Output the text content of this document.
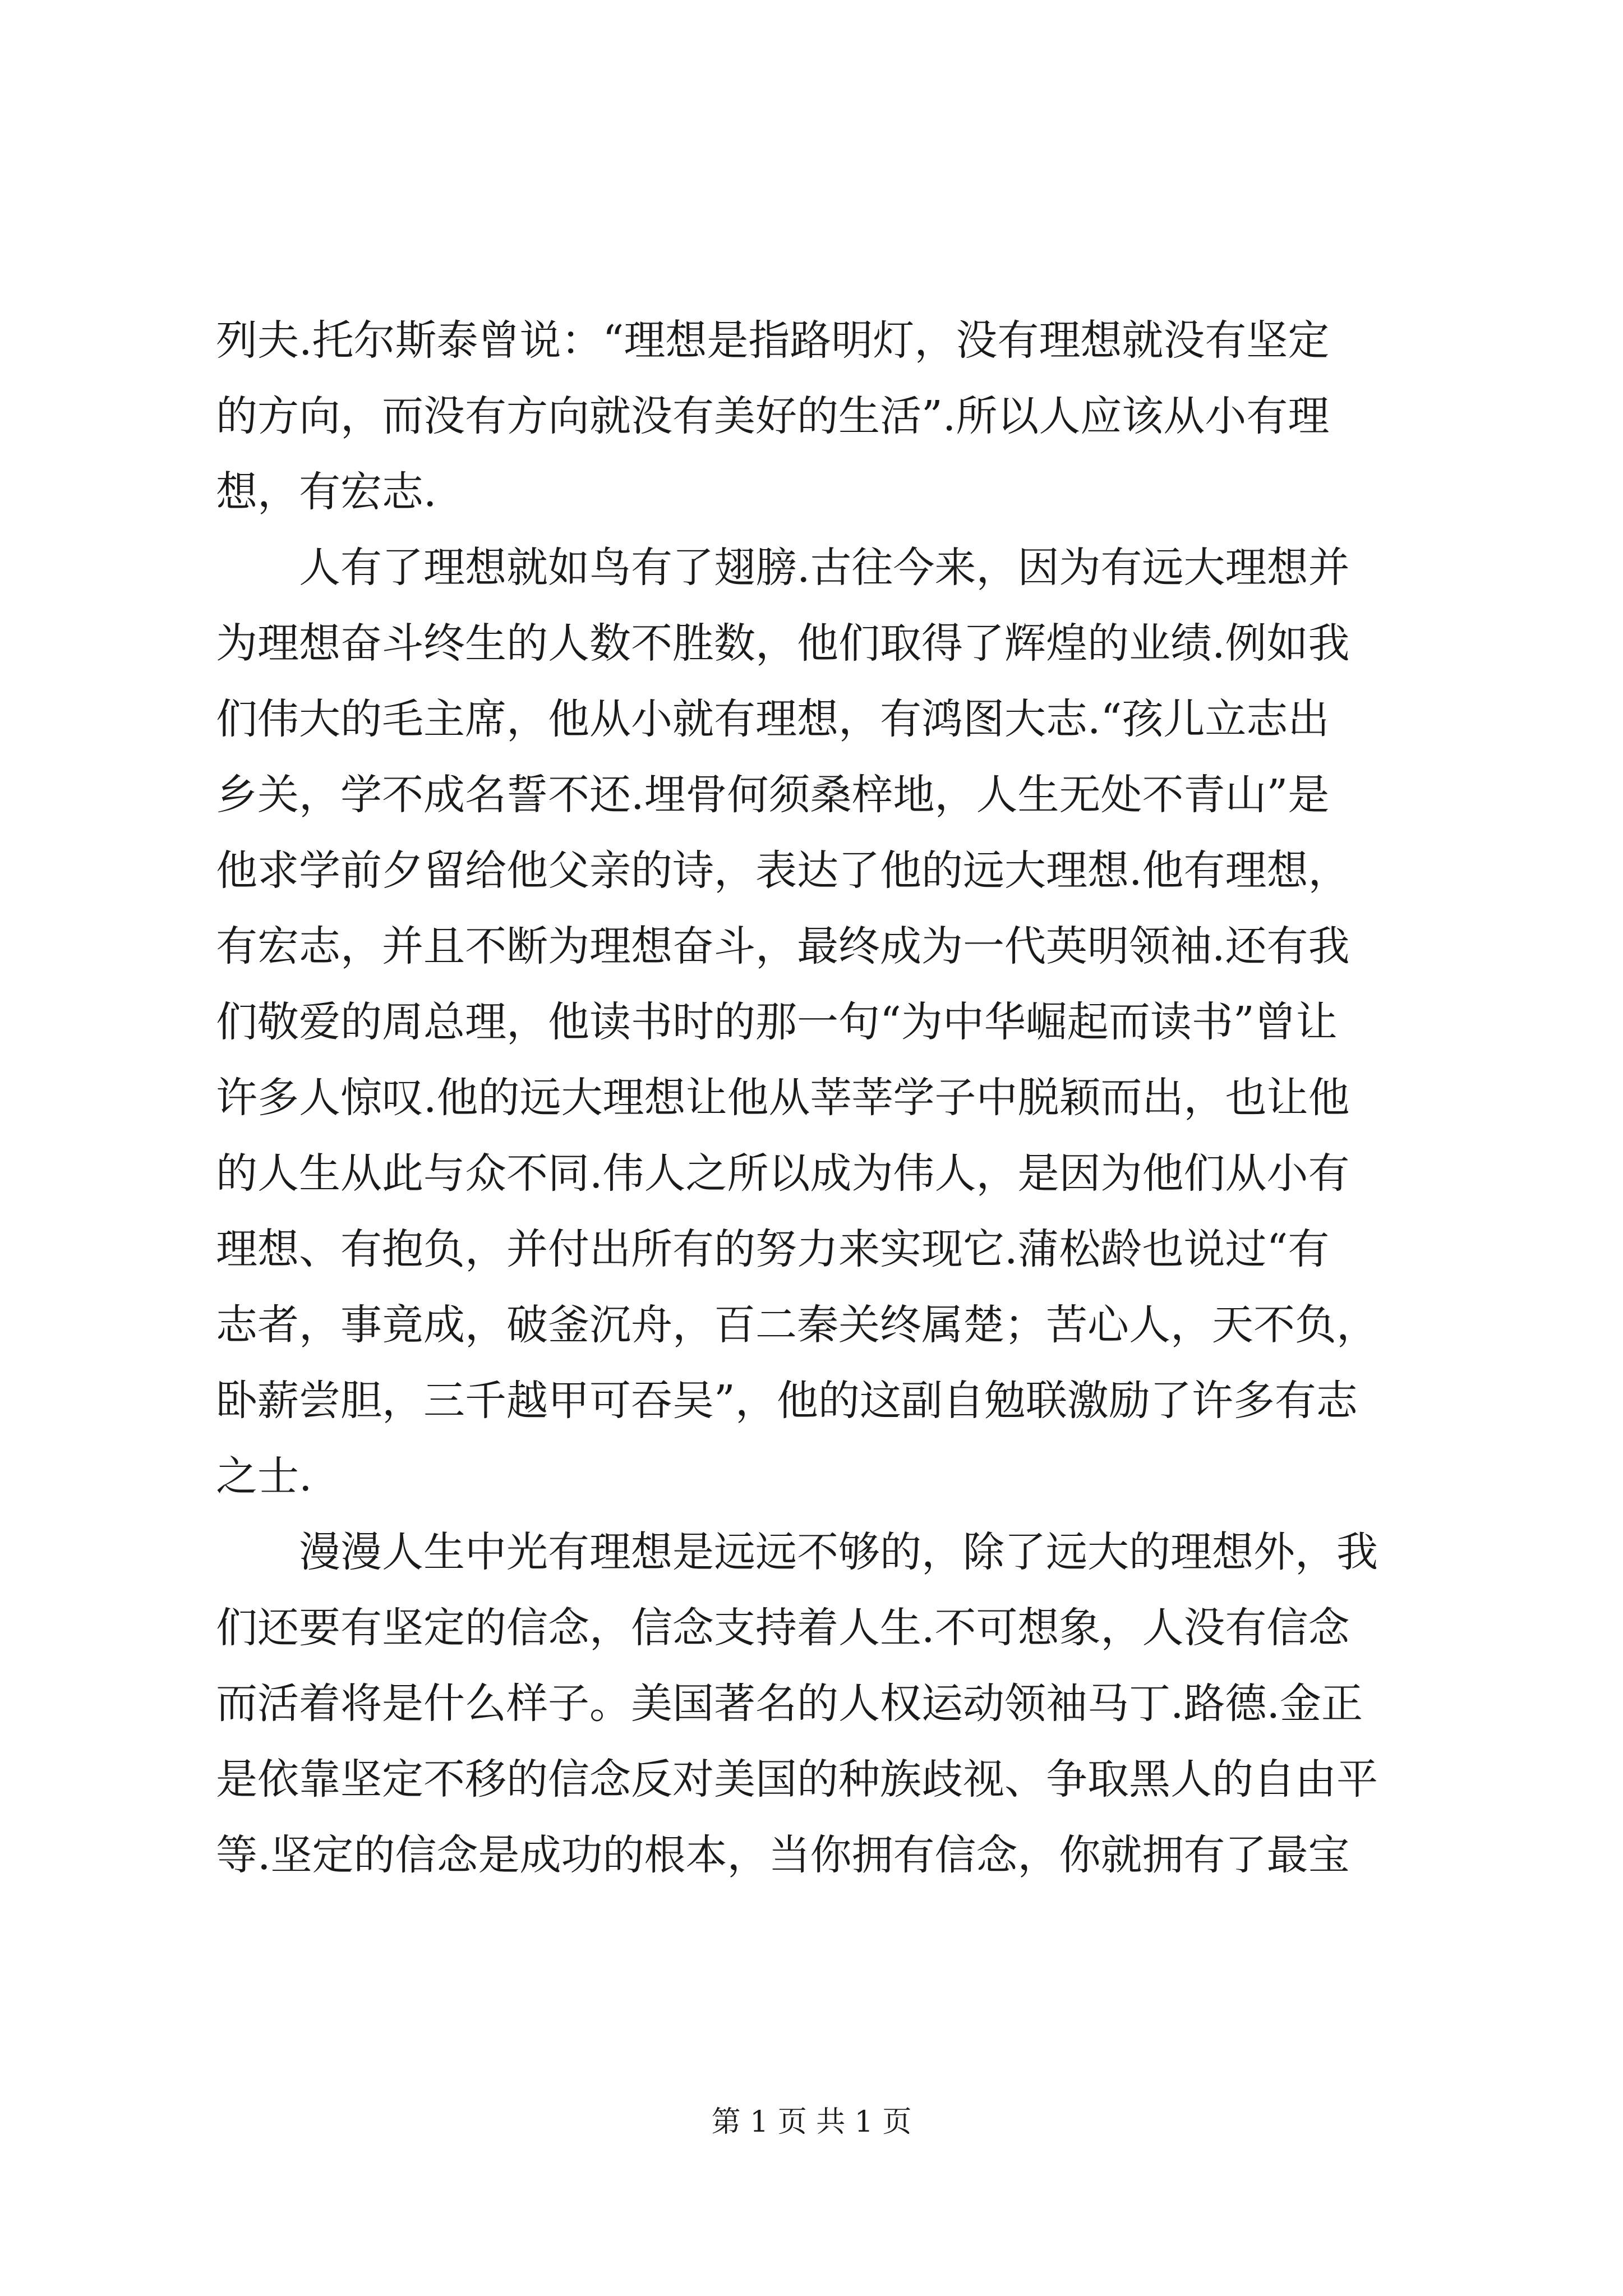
列夫.托尔斯泰曾说：“理想是指路明灯，没有理想就没有坚定
的方向，而没有方向就没有美好的生活”.所以人应该从小有理
想，有宏志.
　　人有了理想就如鸟有了翅膀.古往今来，因为有远大理想并
为理想奋斗终生的人数不胜数，他们取得了辉煌的业绩.例如我
们伟大的毛主席，他从小就有理想，有鸿图大志.“孩儿立志出
乡关，学不成名誓不还.埋骨何须桑梓地，人生无处不青山”是
他求学前夕留给他父亲的诗，表达了他的远大理想.他有理想，
有宏志，并且不断为理想奋斗，最终成为一代英明领袖.还有我
们敬爱的周总理，他读书时的那一句“为中华崛起而读书”曾让
许多人惊叹.他的远大理想让他从莘莘学子中脱颖而出，也让他
的人生从此与众不同.伟人之所以成为伟人，是因为他们从小有
理想、有抱负，并付出所有的努力来实现它.蒲松龄也说过“有
志者，事竟成，破釜沉舟，百二秦关终属楚；苦心人，天不负，
卧薪尝胆，三千越甲可吞吴”，他的这副自勉联激励了许多有志
之士.
　　漫漫人生中光有理想是远远不够的，除了远大的理想外，我
们还要有坚定的信念，信念支持着人生.不可想象，人没有信念
而活着将是什么样子。美国著名的人权运动领袖马丁.路德.金正
是依靠坚定不移的信念反对美国的种族歧视、争取黑人的自由平
等.坚定的信念是成功的根本，当你拥有信念，你就拥有了最宝
第 1 页 共 1 页
